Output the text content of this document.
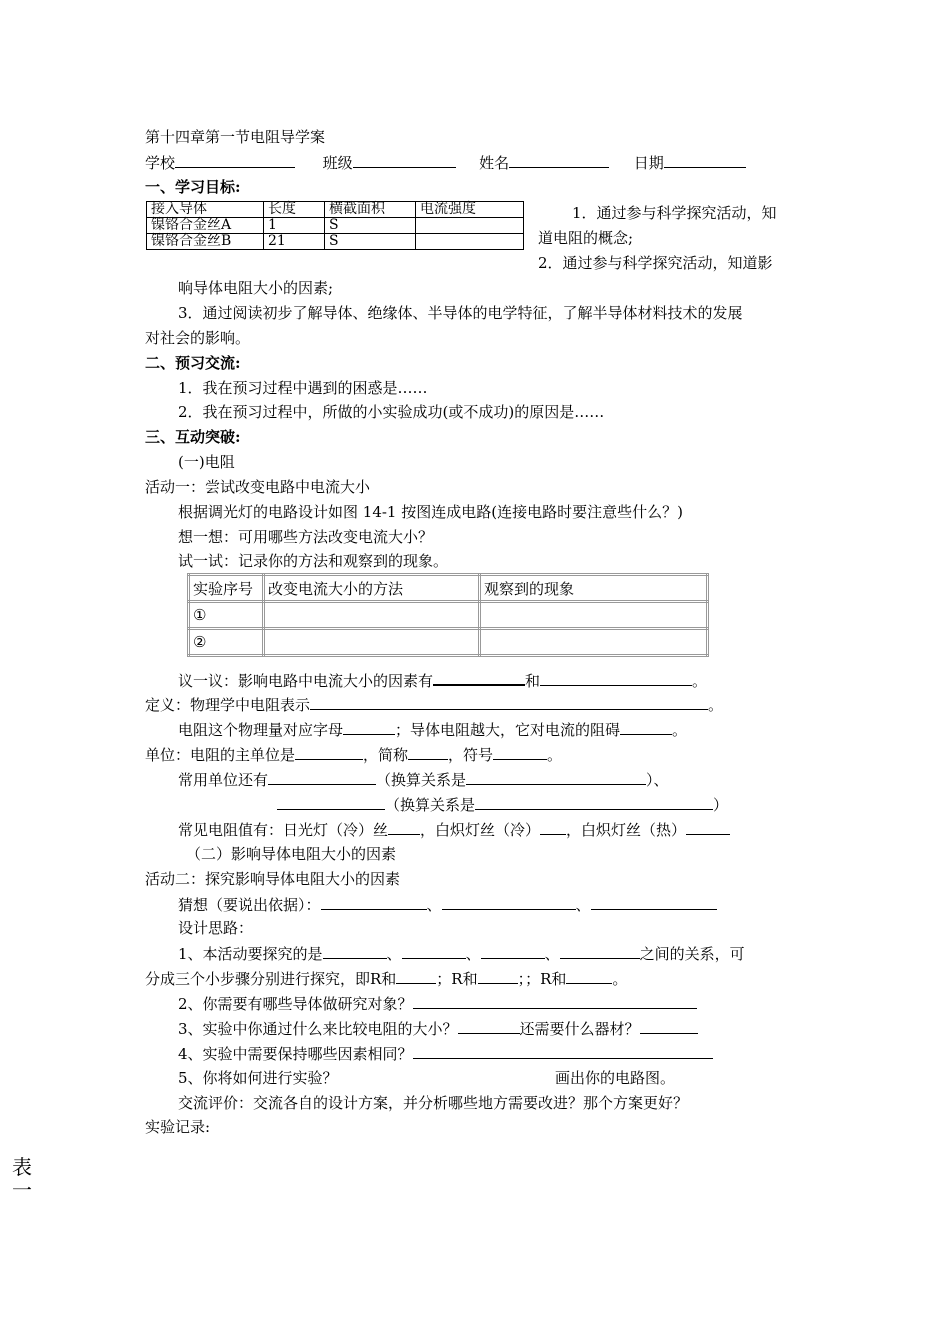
第十四章第一节电阻导学案
学校	班级	姓名	日期
一、学习目标:
接入导体	长度	横截面积	电流强度
镍铬合金丝A	1	S	
镍铬合金丝B	21	S	
1．通过参与科学探究活动，知
道电阻的概念;
2．通过参与科学探究活动，知道影
响导体电阻大小的因素;
3．通过阅读初步了解导体、绝缘体、半导体的电学特征，了解半导体材料技术的发展
对社会的影响。
二、预习交流:
1．我在预习过程中遇到的困惑是……
2．我在预习过程中，所做的小实验成功(或不成功)的原因是……
三、互动突破:
(一)电阻
活动一：尝试改变电路中电流大小
根据调光灯的电路设计如图 14-1 按图连成电路(连接电路时要注意些什么？)
想一想：可用哪些方法改变电流大小？
试一试：记录你的方法和观察到的现象。
实验序号	改变电流大小的方法	观察到的现象
①		
②		
议一议：影响电路中电流大小的因素有	和	。
定义：物理学中电阻表示	。
电阻这个物理量对应字母	；导体电阻越大，它对电流的阻碍	。
单位：电阻的主单位是	，简称	，符号	。
常用单位还有	（换算关系是	）、
（换算关系是	）
常见电阻值有：日光灯（冷）丝 ，白炽灯丝（冷） ，白炽灯丝（热）
（二）影响导体电阻大小的因素
活动二：探究影响导体电阻大小的因素
猜想（要说出依据）：	、	、
设计思路：
1、本活动要探究的是	、	、	、	之间的关系，可
分成三个小步骤分别进行探究，即R和	；R和	；；R和	。
2、你需要有哪些导体做研究对象？
3、实验中你通过什么来比较电阻的大小？	还需要什么器材？
4、实验中需要保持哪些因素相同？
5、你将如何进行实验？	画出你的电路图。
交流评价：交流各自的设计方案，并分析哪些地方需要改进？那个方案更好？
实验记录:
表一
